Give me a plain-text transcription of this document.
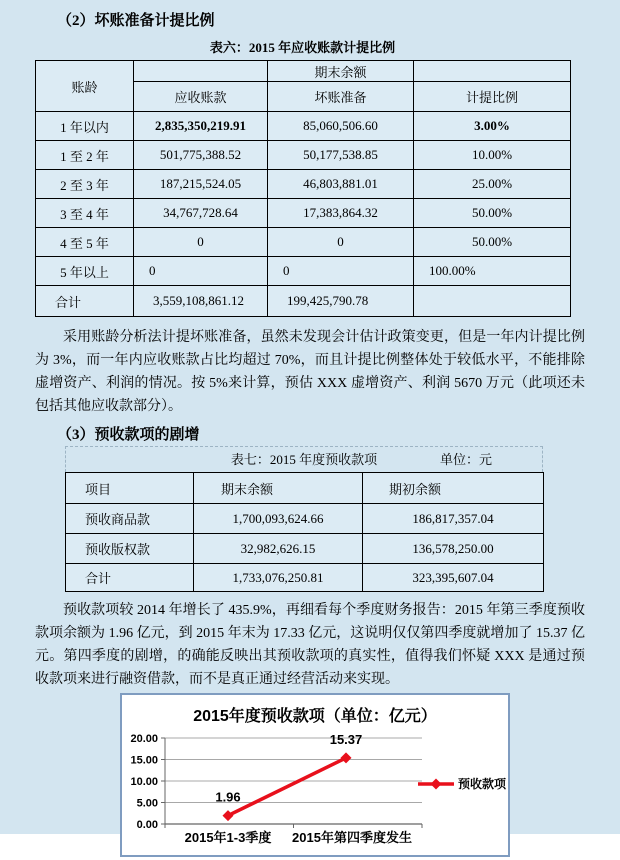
（2）坏账准备计提比例
表六：2015 年应收账款计提比例
账龄		期末余额	
	应收账款	坏账准备	计提比例
1 年以内	2,835,350,219.91	85,060,506.60	3.00%
1 至 2 年	501,775,388.52	50,177,538.85	10.00%
2 至 3 年	187,215,524.05	46,803,881.01	25.00%
3 至 4 年	34,767,728.64	17,383,864.32	50.00%
4 至 5 年	0	0	50.00%
5 年以上	0	0	100.00%
合计	3,559,108,861.12	199,425,790.78	

采用账龄分析法计提坏账准备，虽然未发现会计估计政策变更，但是一年内计提比例为 3%，而一年内应收账款占比均超过 70%，而且计提比例整体处于较低水平，不能排除虚增资产、利润的情况。按 5%来计算，预估 XXX 虚增资产、利润 5670 万元（此项还未包括其他应收款部分）。

（3）预收款项的剧增
表七：2015 年度预收款项	单位：元
项目	期末余额	期初余额
预收商品款	1,700,093,624.66	186,817,357.04
预收版权款	32,982,626.15	136,578,250.00
合计	1,733,076,250.81	323,395,607.04

预收款项较 2014 年增长了 435.9%，再细看每个季度财务报告：2015 年第三季度预收款项余额为 1.96 亿元，到 2015 年末为 17.33 亿元，这说明仅仅第四季度就增加了 15.37 亿元。第四季度的剧增，的确能反映出其预收款项的真实性，值得我们怀疑 XXX 是通过预收款项来进行融资借款，而不是真正通过经营活动来实现。

0.00
5.00
10.00
15.00
20.00
1.96
2015年1-3季度
15.37
2015年第四季度发生
2015年度预收款项（单位：亿元）
预收款项
